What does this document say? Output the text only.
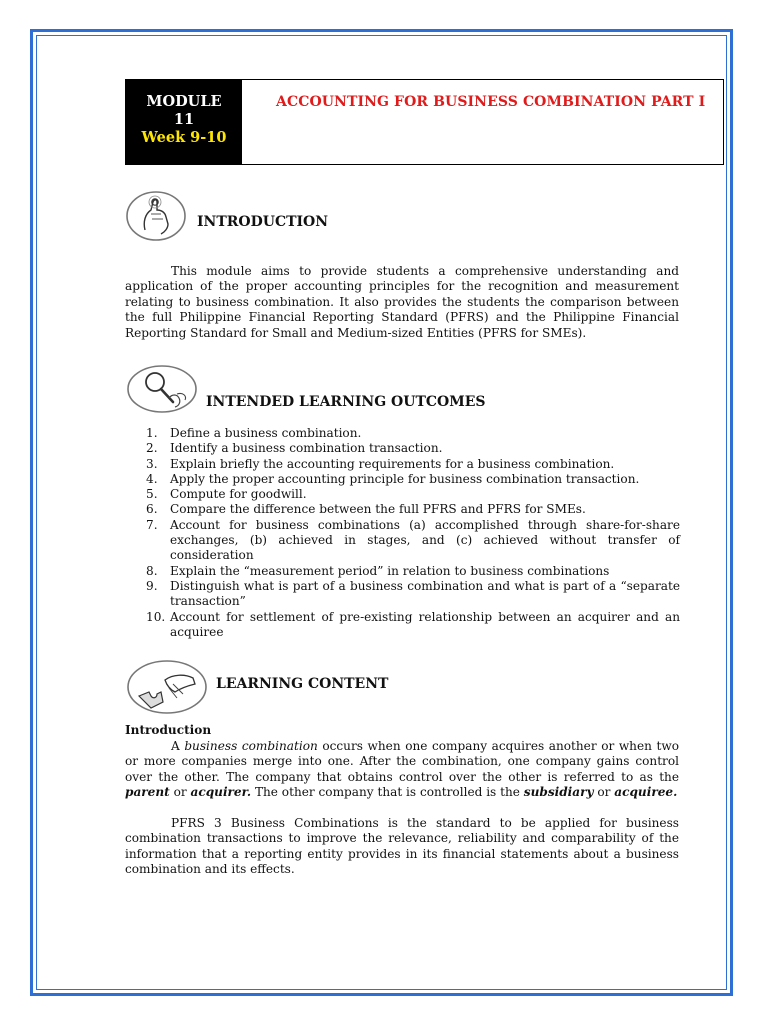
MODULE
11
Week 9-10
ACCOUNTING FOR BUSINESS COMBINATION PART I
INTRODUCTION

This module aims to provide students a comprehensive understanding and application of the proper accounting principles for the recognition and measurement relating to business combination. It also provides the students the comparison between the full Philippine Financial Reporting Standard (PFRS) and the Philippine Financial Reporting Standard for Small and Medium-sized Entities (PFRS for SMEs).

INTENDED LEARNING OUTCOMES
1. Define a business combination.
2. Identify a business combination transaction.
3. Explain briefly the accounting requirements for a business combination.
4. Apply the proper accounting principle for business combination transaction.
5. Compute for goodwill.
6. Compare the difference between the full PFRS and PFRS for SMEs.
7. Account for business combinations (a) accomplished through share-for-share exchanges, (b) achieved in stages, and (c) achieved without transfer of consideration
8. Explain the “measurement period” in relation to business combinations
9. Distinguish what is part of a business combination and what is part of a “separate transaction”
10. Account for settlement of pre-existing relationship between an acquirer and an acquiree
LEARNING CONTENT
Introduction

A business combination occurs when one company acquires another or when two or more companies merge into one. After the combination, one company gains control over the other. The company that obtains control over the other is referred to as the parent or acquirer. The other company that is controlled is the subsidiary or acquiree.

PFRS 3 Business Combinations is the standard to be applied for business combination transactions to improve the relevance, reliability and comparability of the information that a reporting entity provides in its financial statements about a business combination and its effects.
